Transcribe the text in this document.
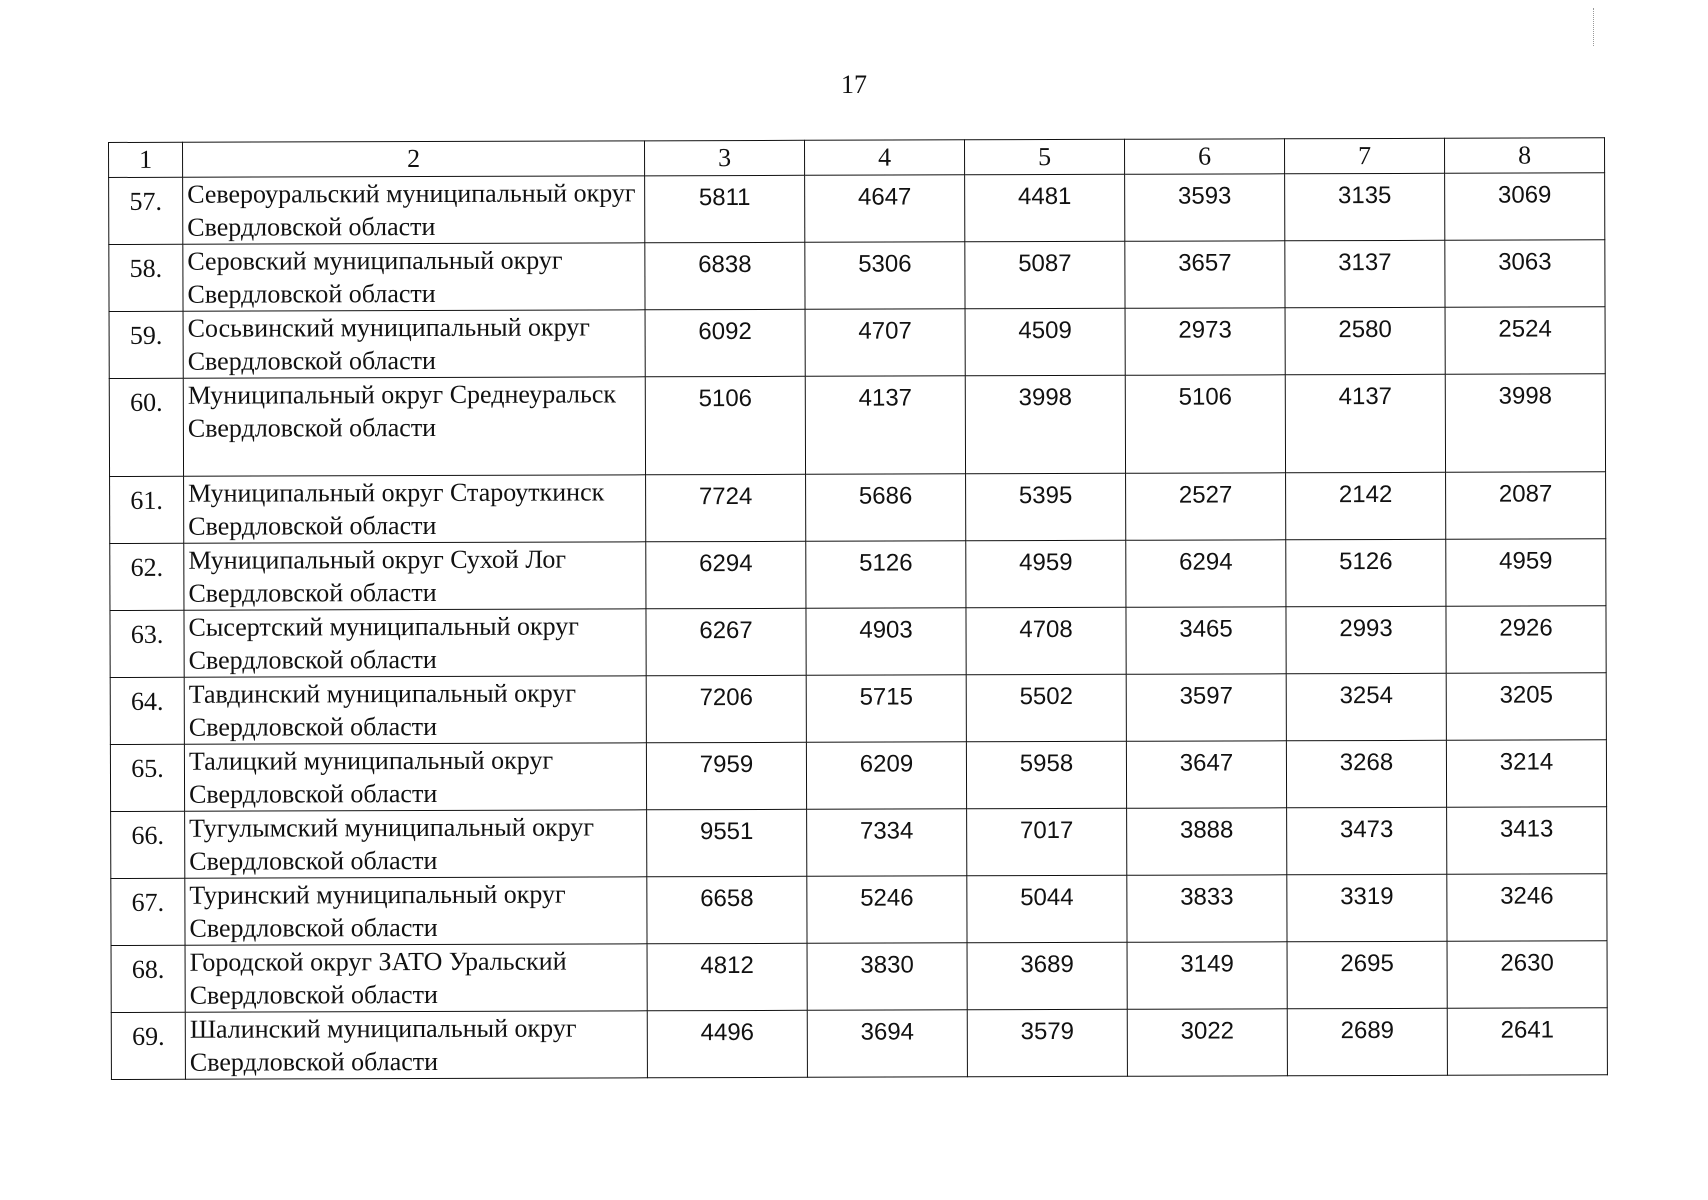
17
1	2	3	4	5	6	7	8
57.	Североуральский муниципальный округ Свердловской области	5811	4647	4481	3593	3135	3069
58.	Серовский муниципальный округ Свердловской области	6838	5306	5087	3657	3137	3063
59.	Сосьвинский муниципальный округ Свердловской области	6092	4707	4509	2973	2580	2524
60.	Муниципальный округ Среднеуральск Свердловской области	5106	4137	3998	5106	4137	3998
61.	Муниципальный округ Староуткинск Свердловской области	7724	5686	5395	2527	2142	2087
62.	Муниципальный округ Сухой Лог Свердловской области	6294	5126	4959	6294	5126	4959
63.	Сысертский муниципальный округ Свердловской области	6267	4903	4708	3465	2993	2926
64.	Тавдинский муниципальный округ Свердловской области	7206	5715	5502	3597	3254	3205
65.	Талицкий муниципальный округ Свердловской области	7959	6209	5958	3647	3268	3214
66.	Тугулымский муниципальный округ Свердловской области	9551	7334	7017	3888	3473	3413
67.	Туринский муниципальный округ Свердловской области	6658	5246	5044	3833	3319	3246
68.	Городской округ ЗАТО Уральский Свердловской области	4812	3830	3689	3149	2695	2630
69.	Шалинский муниципальный округ Свердловской области	4496	3694	3579	3022	2689	2641
